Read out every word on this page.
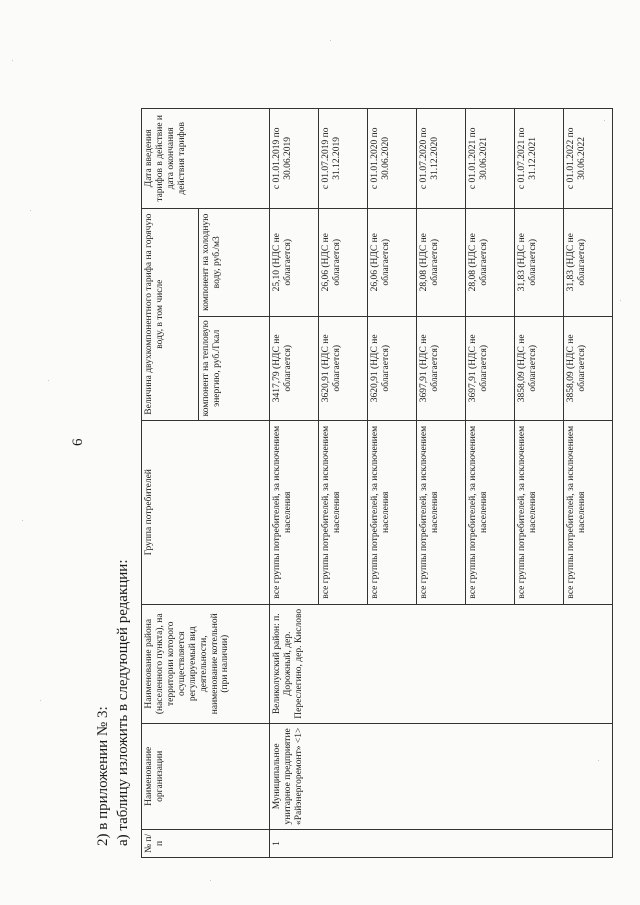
6
2) в приложении № 3: а) таблицу изложить в следующей редакции: № п/п	Наименование организации	Наименование района (населенного пункта), на территории которого осуществляется регулируемый вид деятельности, наименование котельной (при наличии)	Группа потребителей	Величина двухкомпонентного тарифа на горячую воду, в том числе		Дата введения тарифов в действие и дата окончания действия тарифов
				компонент на тепловую энергию, руб./Гкал	компонент на холодную воду, руб./м3	
1	Муниципальное унитарное предприятие «Райэнергоремонт» <1>	Великолукский район: п. Дорожный, дер. Переслегино, дер. Кислово	все группы потребителей, за исключением населения	3417,79 (НДС не облагается)	25,10 (НДС не облагается)	с 01.01.2019 по 30.06.2019
			все группы потребителей, за исключением населения	3620,91 (НДС не облагается)	26,06 (НДС не облагается)	с 01.07.2019 по 31.12.2019
			все группы потребителей, за исключением населения	3620,91 (НДС не облагается)	26,06 (НДС не облагается)	с 01.01.2020 по 30.06.2020
			все группы потребителей, за исключением населения	3697,91 (НДС не облагается)	28,08 (НДС не облагается)	с 01.07.2020 по 31.12.2020
			все группы потребителей, за исключением населения	3697,91 (НДС не облагается)	28,08 (НДС не облагается)	с 01.01.2021 по 30.06.2021
			все группы потребителей, за исключением населения	3858,09 (НДС не облагается)	31,83 (НДС не облагается)	с 01.07.2021 по 31.12.2021
			все группы потребителей, за исключением населения	3858,09 (НДС не облагается)	31,83 (НДС не облагается)	с 01.01.2022 по 30.06.2022
